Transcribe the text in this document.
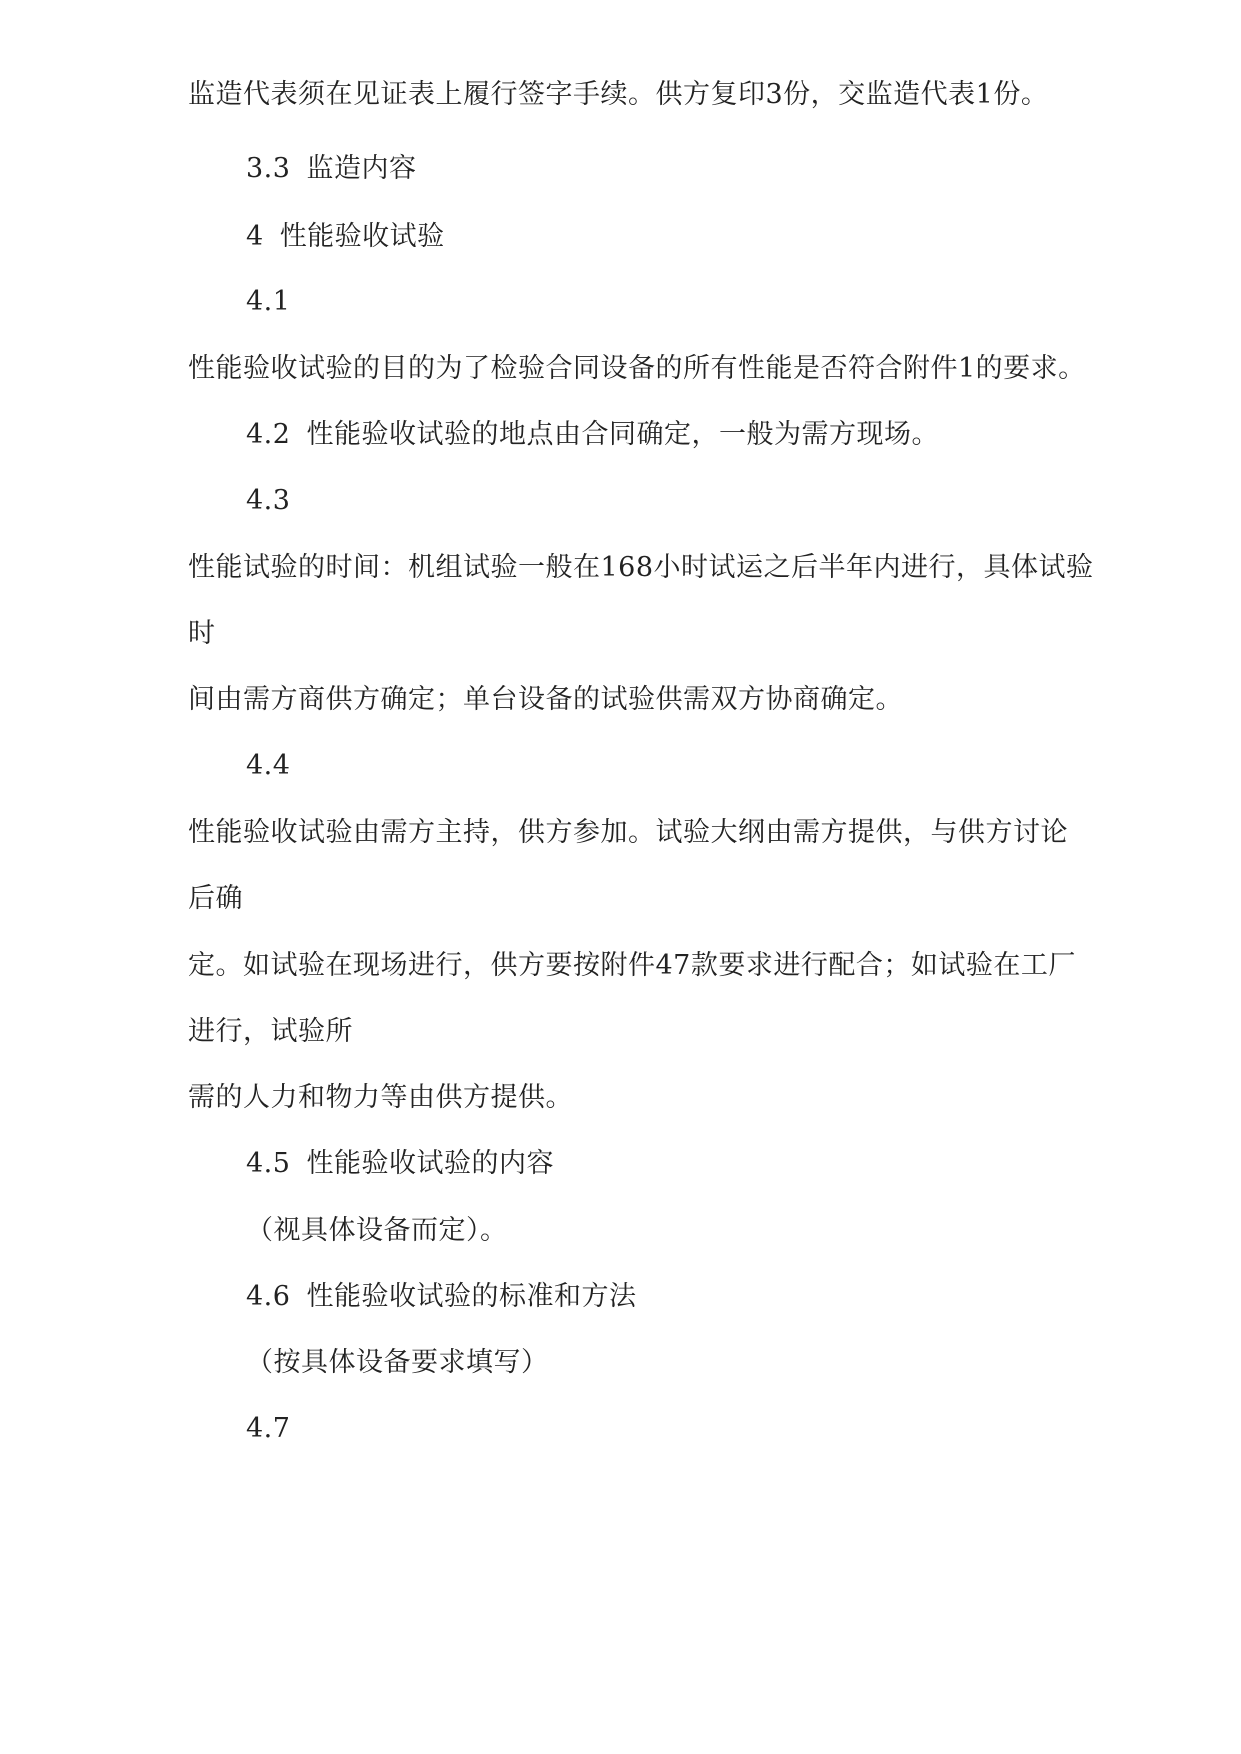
监造代表须在见证表上履行签字手续。供方复印3份，交监造代表1份。
3.3 监造内容
4 性能验收试验
4.1
性能验收试验的目的为了检验合同设备的所有性能是否符合附件1的要求。
4.2 性能验收试验的地点由合同确定，一般为需方现场。
4.3
性能试验的时间：机组试验一般在168小时试运之后半年内进行，具体试验
时
间由需方商供方确定；单台设备的试验供需双方协商确定。
4.4
性能验收试验由需方主持，供方参加。试验大纲由需方提供，与供方讨论
后确
定。如试验在现场进行，供方要按附件47款要求进行配合；如试验在工厂
进行，试验所
需的人力和物力等由供方提供。
4.5 性能验收试验的内容
（视具体设备而定）。
4.6 性能验收试验的标准和方法
（按具体设备要求填写）
4.7
